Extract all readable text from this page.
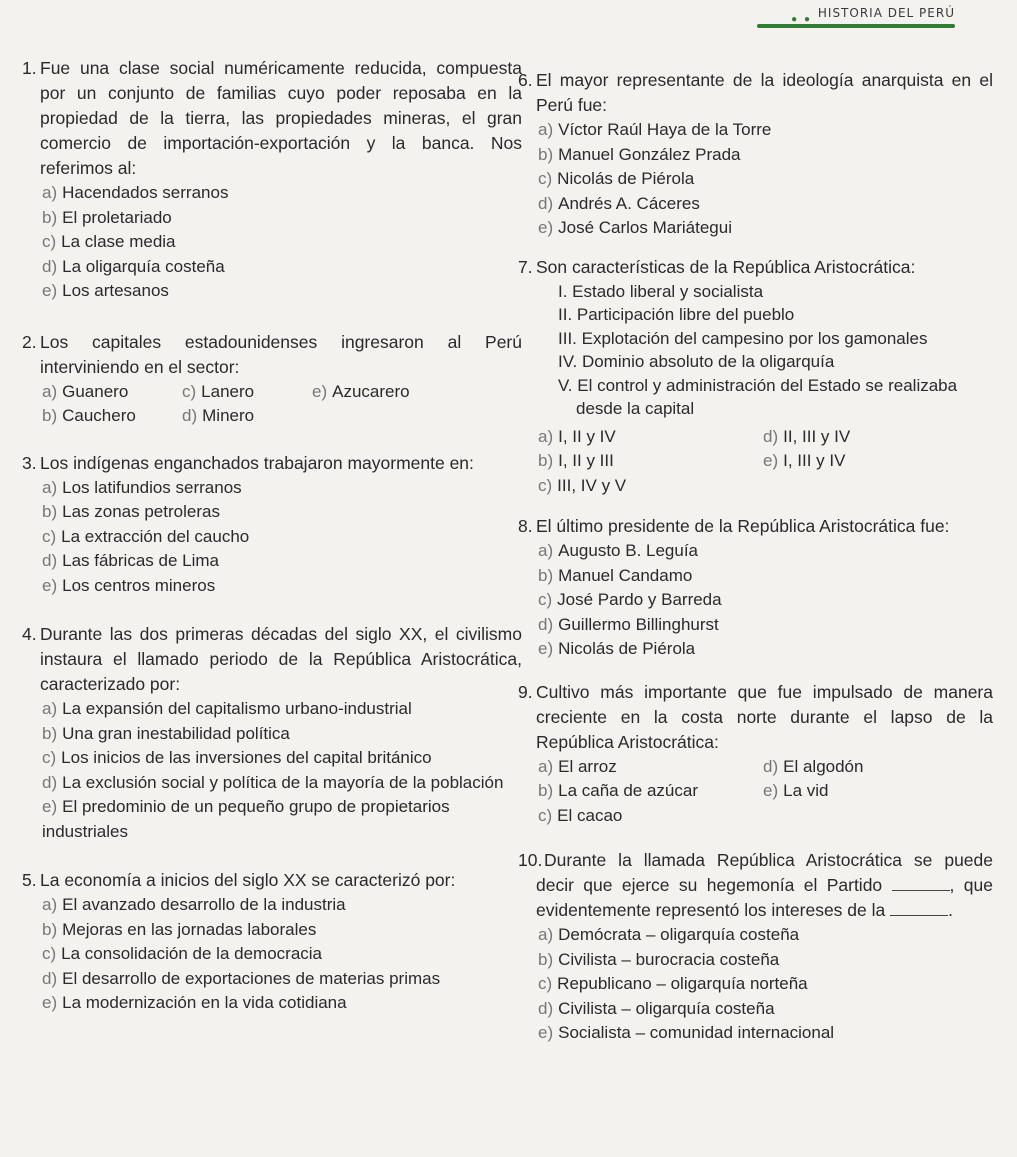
HISTORIA DEL PERÚ
● ●
1. Fue una clase social numéricamente reducida, compuesta por un conjunto de familias cuyo poder reposaba en la propiedad de la tierra, las propiedades mineras, el gran comercio de importación-exportación y la banca. Nos referimos al:
a) Hacendados serranos
b) El proletariado
c) La clase media
d) La oligarquía costeña
e) Los artesanos
2. Los capitales estadounidenses ingresaron al Perú interviniendo en el sector:
a) Guanero	c) Lanero	e) Azucarero
b) Cauchero	d) Minero
3. Los indígenas enganchados trabajaron mayormente en:
a) Los latifundios serranos
b) Las zonas petroleras
c) La extracción del caucho
d) Las fábricas de Lima
e) Los centros mineros
4. Durante las dos primeras décadas del siglo XX, el civilismo instaura el llamado periodo de la República Aristocrática, caracterizado por:
a) La expansión del capitalismo urbano-industrial
b) Una gran inestabilidad política
c) Los inicios de las inversiones del capital británico
d) La exclusión social y política de la mayoría de la población
e) El predominio de un pequeño grupo de propietarios industriales
5. La economía a inicios del siglo XX se caracterizó por:
a) El avanzado desarrollo de la industria
b) Mejoras en las jornadas laborales
c) La consolidación de la democracia
d) El desarrollo de exportaciones de materias primas
e) La modernización en la vida cotidiana
6. El mayor representante de la ideología anarquista en el Perú fue:
a) Víctor Raúl Haya de la Torre
b) Manuel González Prada
c) Nicolás de Piérola
d) Andrés A. Cáceres
e) José Carlos Mariátegui
7. Son características de la República Aristocrática:
I. Estado liberal y socialista
II. Participación libre del pueblo
III. Explotación del campesino por los gamonales
IV. Dominio absoluto de la oligarquía
V. El control y administración del Estado se realizaba
desde la capital
a) I, II y IV	d) II, III y IV
b) I, II y III	e) I, III y IV
c) III, IV y V
8. El último presidente de la República Aristocrática fue:
a) Augusto B. Leguía
b) Manuel Candamo
c) José Pardo y Barreda
d) Guillermo Billinghurst
e) Nicolás de Piérola
9. Cultivo más importante que fue impulsado de manera creciente en la costa norte durante el lapso de la República Aristocrática:
a) El arroz	d) El algodón
b) La caña de azúcar	e) La vid
c) El cacao
10. Durante la llamada República Aristocrática se puede decir que ejerce su hegemonía el Partido	, que evidentemente representó los intereses de la	.
a) Demócrata – oligarquía costeña
b) Civilista – burocracia costeña
c) Republicano – oligarquía norteña
d) Civilista – oligarquía costeña
e) Socialista – comunidad internacional
